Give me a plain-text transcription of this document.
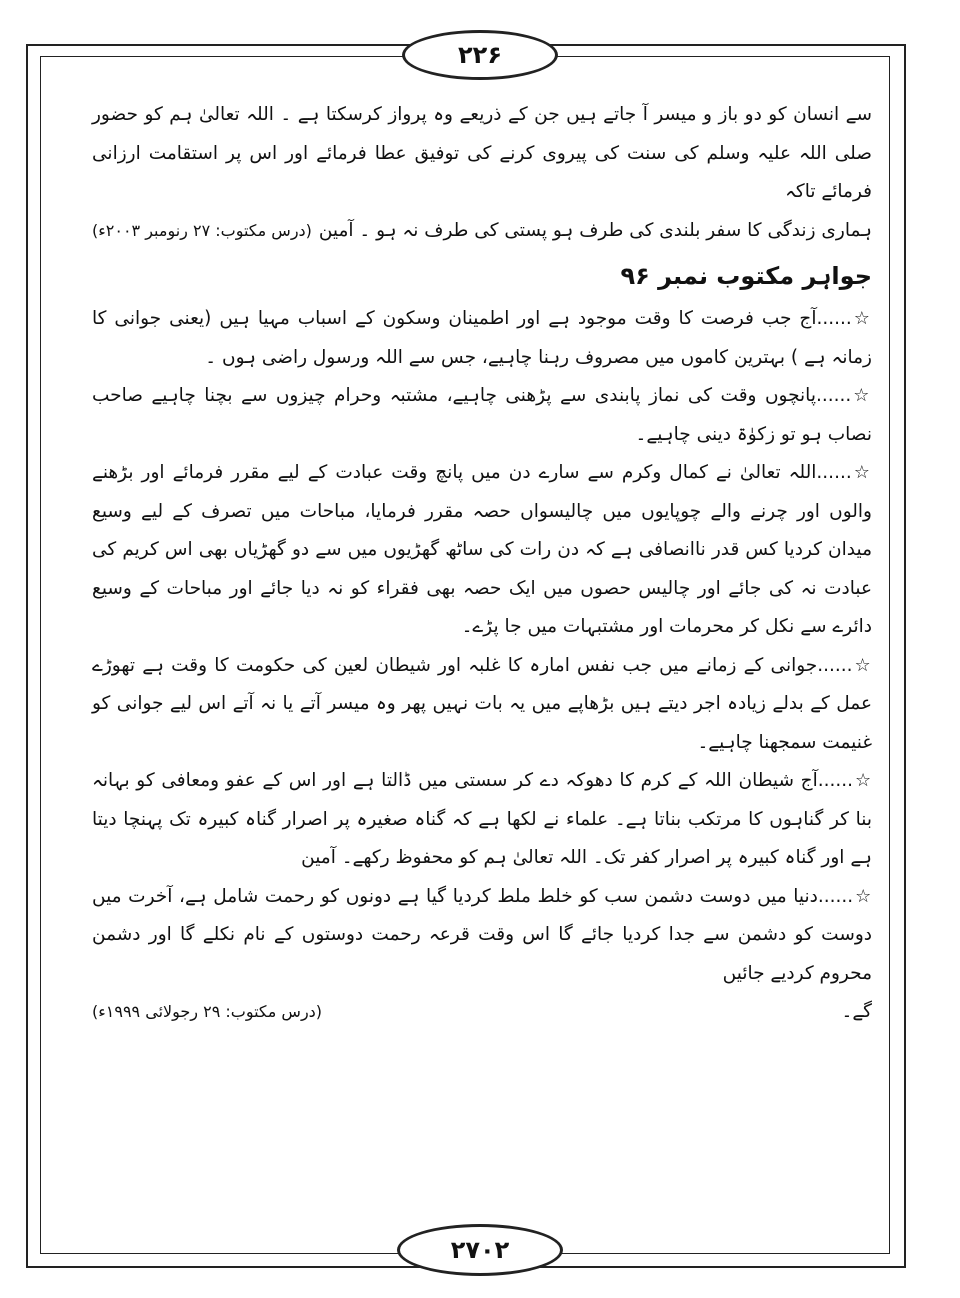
۲۲۶

سے انسان کو دو باز و میسر آ جاتے ہیں جن کے ذریعے وہ پرواز کرسکتا ہے ۔ اللہ تعالیٰ ہم کو حضور صلی اللہ علیہ وسلم کی سنت کی پیروی کرنے کی توفیق عطا فرمائے اور اس پر استقامت ارزانی فرمائے تاکہ

ہماری زندگی کا سفر بلندی کی طرف ہو پستی کی طرف نہ ہو ۔ آمین
(درس مکتوب: ۲۷ رنومبر ۲۰۰۳ء)
جواہر مکتوب نمبر ۹۶

☆......آج جب فرصت کا وقت موجود ہے اور اطمینان وسکون کے اسباب مہیا ہیں (یعنی جوانی کا زمانہ ہے ) بہترین کاموں میں مصروف رہنا چاہیے، جس سے اللہ ورسول راضی ہوں ۔

☆......پانچوں وقت کی نماز پابندی سے پڑھنی چاہیے، مشتبہ وحرام چیزوں سے بچنا چاہیے صاحب نصاب ہو تو زکوٰۃ دینی چاہیے۔

☆......اللہ تعالیٰ نے کمال وکرم سے سارے دن میں پانچ وقت عبادت کے لیے مقرر فرمائے اور بڑھنے والوں اور چرنے والے چوپایوں میں چالیسواں حصہ مقرر فرمایا، مباحات میں تصرف کے لیے وسیع میدان کردیا کس قدر ناانصافی ہے کہ دن رات کی ساٹھ گھڑیوں میں سے دو گھڑیاں بھی اس کریم کی عبادت نہ کی جائے اور چالیس حصوں میں ایک حصہ بھی فقراء کو نہ دیا جائے اور مباحات کے وسیع دائرے سے نکل کر محرمات اور مشتبہات میں جا پڑے۔

☆......جوانی کے زمانے میں جب نفس امارہ کا غلبہ اور شیطان لعین کی حکومت کا وقت ہے تھوڑے عمل کے بدلے زیادہ اجر دیتے ہیں بڑھاپے میں یہ بات نہیں پھر وہ میسر آتے یا نہ آتے اس لیے جوانی کو غنیمت سمجھنا چاہیے۔

☆......آج شیطان اللہ کے کرم کا دھوکہ دے کر سستی میں ڈالتا ہے اور اس کے عفو ومعافی کو بہانہ بنا کر گناہوں کا مرتکب بناتا ہے۔ علماء نے لکھا ہے کہ گناہ صغیرہ پر اصرار گناہ کبیرہ تک پہنچا دیتا ہے اور گناہ کبیرہ پر اصرار کفر تک۔ اللہ تعالیٰ ہم کو محفوظ رکھے۔ آمین

☆......دنیا میں دوست دشمن سب کو خلط ملط کردیا گیا ہے دونوں کو رحمت شامل ہے، آخرت میں دوست کو دشمن سے جدا کردیا جائے گا اس وقت قرعہ رحمت دوستوں کے نام نکلے گا اور دشمن محروم کردیے جائیں

گے۔
(درس مکتوب: ۲۹ رجولائی ۱۹۹۹ء)
۲۷۰۲
